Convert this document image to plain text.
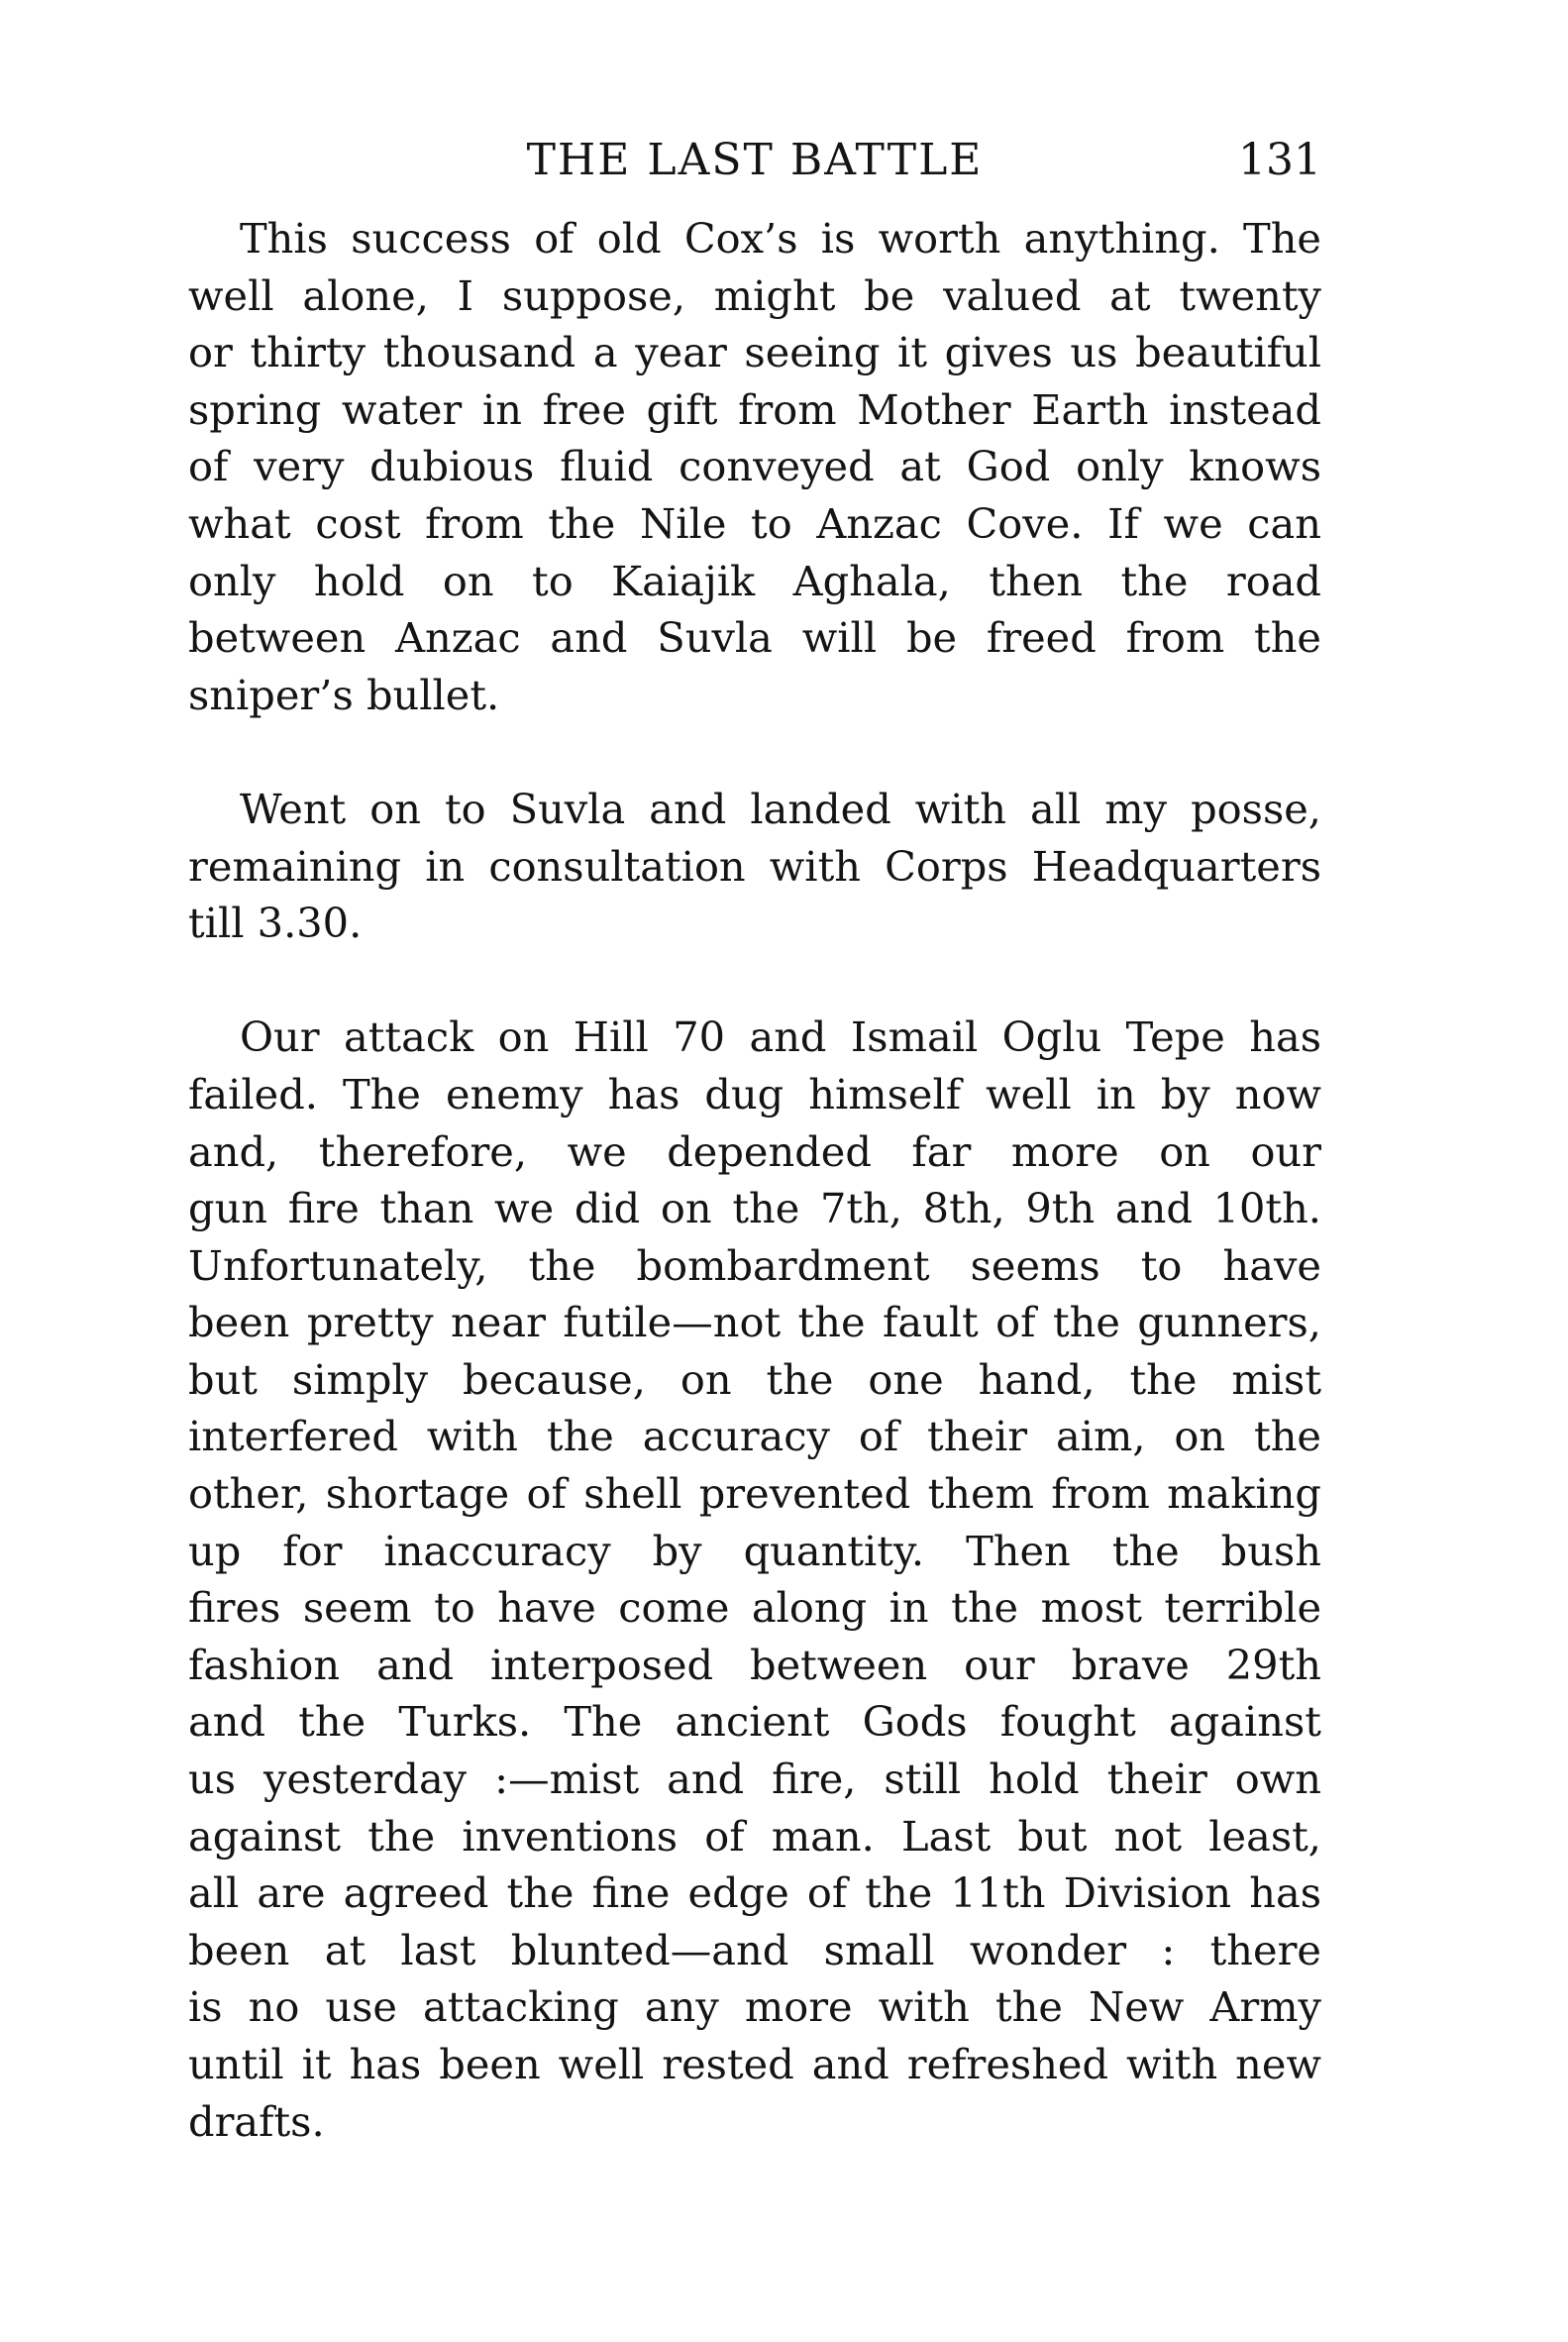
THE LAST BATTLE	131

This success of old Cox’s is worth anything. The
well alone, I suppose, might be valued at twenty
or thirty thousand a year seeing it gives us beautiful
spring water in free gift from Mother Earth instead
of very dubious fluid conveyed at God only knows
what cost from the Nile to Anzac Cove. If we can
only hold on to Kaiajik Aghala, then the road
between Anzac and Suvla will be freed from the
sniper’s bullet.

Went on to Suvla and landed with all my posse,
remaining in consultation with Corps Headquarters
till 3.30.

Our attack on Hill 70 and Ismail Oglu Tepe has
failed. The enemy has dug himself well in by now
and, therefore, we depended far more on our
gun fire than we did on the 7th, 8th, 9th and 10th.
Unfortunately, the bombardment seems to have
been pretty near futile—not the fault of the gunners,
but simply because, on the one hand, the mist
interfered with the accuracy of their aim, on the
other, shortage of shell prevented them from making
up for inaccuracy by quantity. Then the bush
fires seem to have come along in the most terrible
fashion and interposed between our brave 29th
and the Turks. The ancient Gods fought against
us yesterday :—mist and fire, still hold their own
against the inventions of man. Last but not least,
all are agreed the fine edge of the 11th Division has
been at last blunted—and small wonder : there
is no use attacking any more with the New Army
until it has been well rested and refreshed with new
drafts.
